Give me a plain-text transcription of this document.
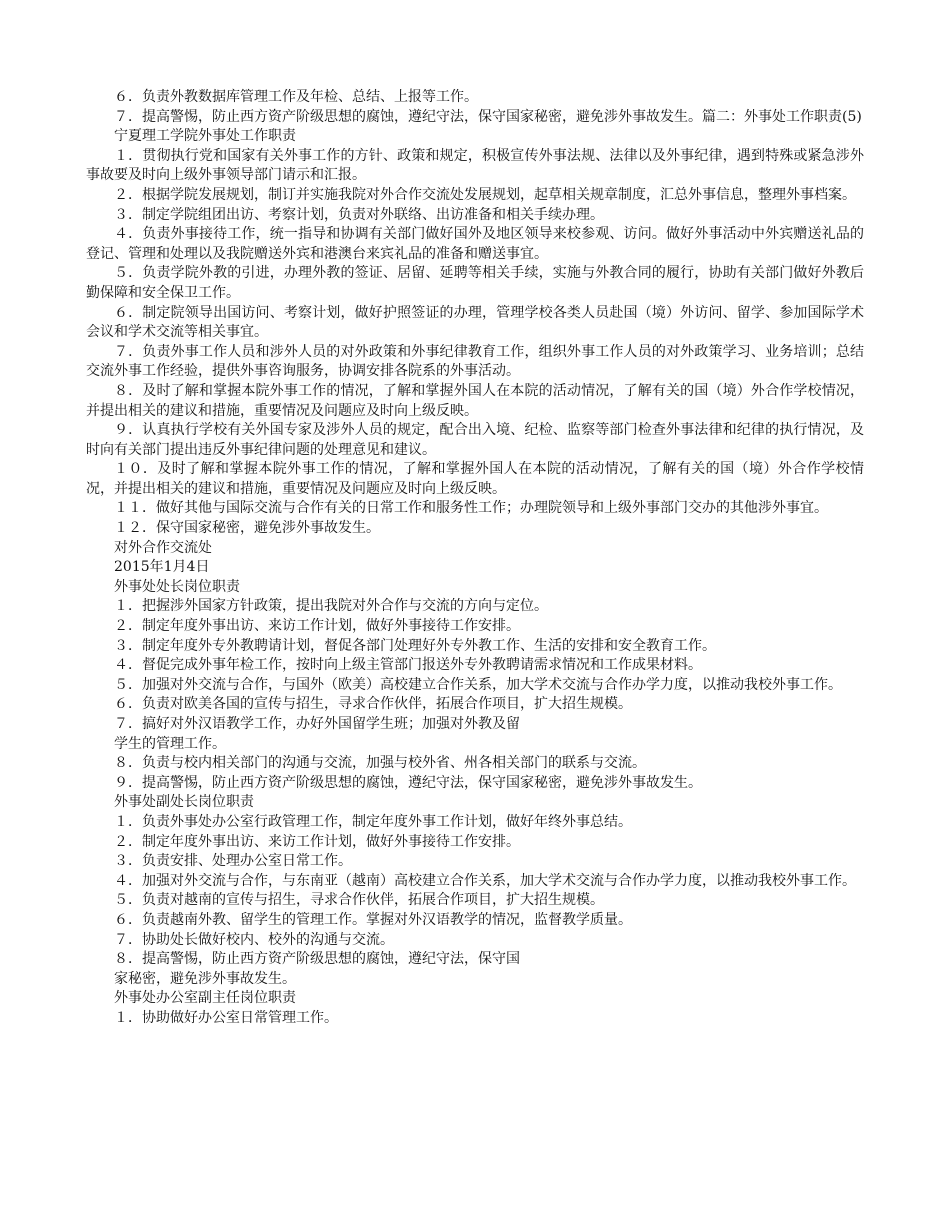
６．负责外教数据库管理工作及年检、总结、上报等工作。

７．提高警惕，防止西方资产阶级思想的腐蚀，遵纪守法，保守国家秘密，避免涉外事故发生。篇二：外事处工作职责(5)

宁夏理工学院外事处工作职责

１．贯彻执行党和国家有关外事工作的方针、政策和规定，积极宣传外事法规、法律以及外事纪律，遇到特殊或紧急涉外事故要及时向上级外事领导部门请示和汇报。

２．根据学院发展规划，制订并实施我院对外合作交流处发展规划，起草相关规章制度，汇总外事信息，整理外事档案。

３．制定学院组团出访、考察计划，负责对外联络、出访准备和相关手续办理。

４．负责外事接待工作，统一指导和协调有关部门做好国外及地区领导来校参观、访问。做好外事活动中外宾赠送礼品的登记、管理和处理以及我院赠送外宾和港澳台来宾礼品的准备和赠送事宜。

５．负责学院外教的引进，办理外教的签证、居留、延聘等相关手续，实施与外教合同的履行，协助有关部门做好外教后勤保障和安全保卫工作。

６．制定院领导出国访问、考察计划，做好护照签证的办理，管理学校各类人员赴国（境）外访问、留学、参加国际学术会议和学术交流等相关事宜。

７．负责外事工作人员和涉外人员的对外政策和外事纪律教育工作，组织外事工作人员的对外政策学习、业务培训；总结交流外事工作经验，提供外事咨询服务，协调安排各院系的外事活动。

８．及时了解和掌握本院外事工作的情况，了解和掌握外国人在本院的活动情况，了解有关的国（境）外合作学校情况，并提出相关的建议和措施，重要情况及问题应及时向上级反映。

９．认真执行学校有关外国专家及涉外人员的规定，配合出入境、纪检、监察等部门检查外事法律和纪律的执行情况，及时向有关部门提出违反外事纪律问题的处理意见和建议。

１０．及时了解和掌握本院外事工作的情况，了解和掌握外国人在本院的活动情况，了解有关的国（境）外合作学校情况，并提出相关的建议和措施，重要情况及问题应及时向上级反映。

１１．做好其他与国际交流与合作有关的日常工作和服务性工作；办理院领导和上级外事部门交办的其他涉外事宜。

１２．保守国家秘密，避免涉外事故发生。

对外合作交流处

2015年1月4日

外事处处长岗位职责

１．把握涉外国家方针政策，提出我院对外合作与交流的方向与定位。

２．制定年度外事出访、来访工作计划，做好外事接待工作安排。

３．制定年度外专外教聘请计划，督促各部门处理好外专外教工作、生活的安排和安全教育工作。

４．督促完成外事年检工作，按时向上级主管部门报送外专外教聘请需求情况和工作成果材料。

５．加强对外交流与合作，与国外（欧美）高校建立合作关系，加大学术交流与合作办学力度，以推动我校外事工作。

６．负责对欧美各国的宣传与招生，寻求合作伙伴，拓展合作项目，扩大招生规模。

７．搞好对外汉语教学工作，办好外国留学生班；加强对外教及留

学生的管理工作。

８．负责与校内相关部门的沟通与交流，加强与校外省、州各相关部门的联系与交流。

９．提高警惕，防止西方资产阶级思想的腐蚀，遵纪守法，保守国家秘密，避免涉外事故发生。

外事处副处长岗位职责

１．负责外事处办公室行政管理工作，制定年度外事工作计划，做好年终外事总结。

２．制定年度外事出访、来访工作计划，做好外事接待工作安排。

３．负责安排、处理办公室日常工作。

４．加强对外交流与合作，与东南亚（越南）高校建立合作关系，加大学术交流与合作办学力度，以推动我校外事工作。

５．负责对越南的宣传与招生，寻求合作伙伴，拓展合作项目，扩大招生规模。

６．负责越南外教、留学生的管理工作。掌握对外汉语教学的情况，监督教学质量。

７．协助处长做好校内、校外的沟通与交流。

８．提高警惕，防止西方资产阶级思想的腐蚀，遵纪守法，保守国

家秘密，避免涉外事故发生。

外事处办公室副主任岗位职责

１．协助做好办公室日常管理工作。
